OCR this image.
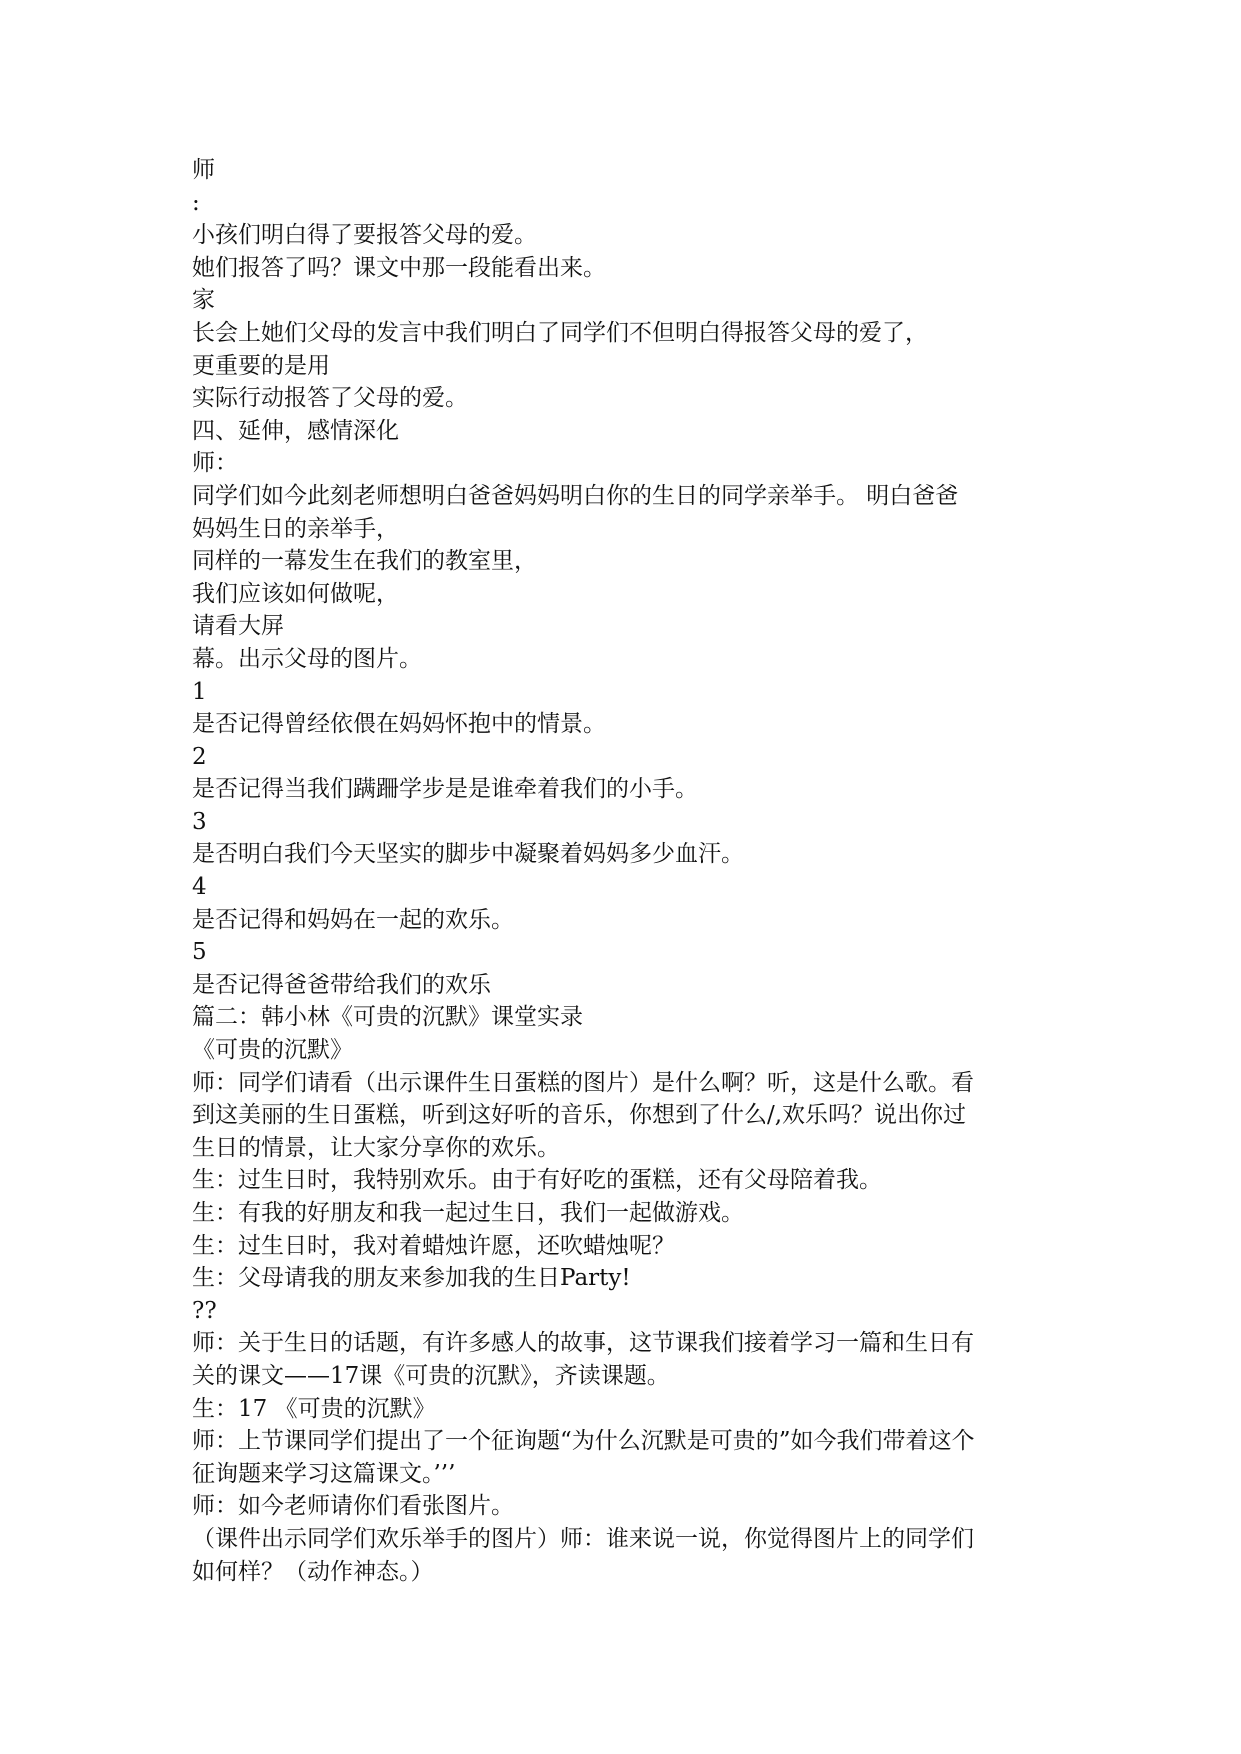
师
:
小孩们明白得了要报答父母的爱。
她们报答了吗？课文中那一段能看出来。
家
长会上她们父母的发言中我们明白了同学们不但明白得报答父母的爱了，
更重要的是用
实际行动报答了父母的爱。
四、延伸，感情深化
师：
同学们如今此刻老师想明白爸爸妈妈明白你的生日的同学亲举手。 明白爸爸
妈妈生日的亲举手，
同样的一幕发生在我们的教室里，
我们应该如何做呢，
请看大屏
幕。出示父母的图片。
1
是否记得曾经依偎在妈妈怀抱中的情景。
2
是否记得当我们蹒跚学步是是谁牵着我们的小手。
3
是否明白我们今天坚实的脚步中凝聚着妈妈多少血汗。
4
是否记得和妈妈在一起的欢乐。
5
是否记得爸爸带给我们的欢乐
篇二：韩小林《可贵的沉默》课堂实录
《可贵的沉默》
师：同学们请看（出示课件生日蛋糕的图片）是什么啊？听，这是什么歌。看
到这美丽的生日蛋糕，听到这好听的音乐，你想到了什么/,欢乐吗？说出你过
生日的情景，让大家分享你的欢乐。
生：过生日时，我特别欢乐。由于有好吃的蛋糕，还有父母陪着我。
生：有我的好朋友和我一起过生日，我们一起做游戏。
生：过生日时，我对着蜡烛许愿，还吹蜡烛呢？
生：父母请我的朋友来参加我的生日Party!
??
师：关于生日的话题，有许多感人的故事，这节课我们接着学习一篇和生日有
关的课文——17课《可贵的沉默》，齐读课题。
生：17 《可贵的沉默》
师：上节课同学们提出了一个征询题“为什么沉默是可贵的”如今我们带着这个
征询题来学习这篇课文。’’’
师：如今老师请你们看张图片。
（课件出示同学们欢乐举手的图片）师：谁来说一说，你觉得图片上的同学们
如何样？（动作神态。）
